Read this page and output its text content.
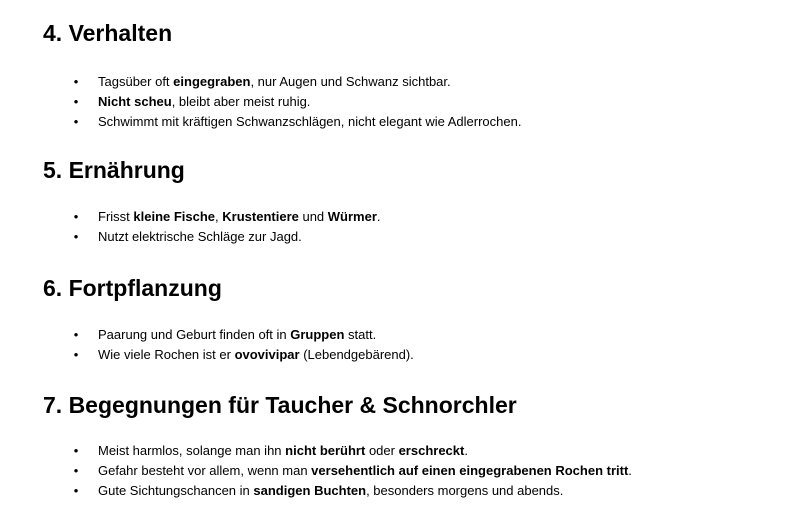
4. Verhalten
• Tagsüber oft eingegraben, nur Augen und Schwanz sichtbar.
• Nicht scheu, bleibt aber meist ruhig.
• Schwimmt mit kräftigen Schwanzschlägen, nicht elegant wie Adlerrochen.
5. Ernährung
• Frisst kleine Fische, Krustentiere und Würmer.
• Nutzt elektrische Schläge zur Jagd.
6. Fortpflanzung
• Paarung und Geburt finden oft in Gruppen statt.
• Wie viele Rochen ist er ovovivipar (Lebendgebärend).
7. Begegnungen für Taucher & Schnorchler
• Meist harmlos, solange man ihn nicht berührt oder erschreckt.
• Gefahr besteht vor allem, wenn man versehentlich auf einen eingegrabenen Rochen tritt.
• Gute Sichtungschancen in sandigen Buchten, besonders morgens und abends.
